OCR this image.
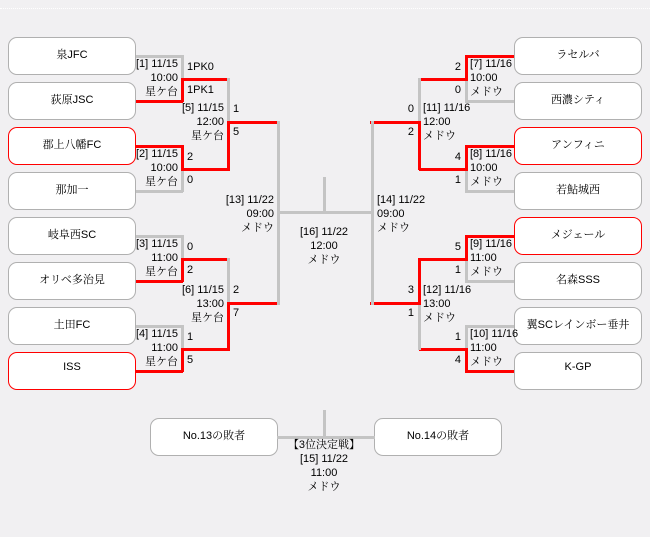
泉JFC
荻原JSC
郡上八幡FC
那加一
岐阜西SC
オリベ多治見
土田FC
ISS
ラセルバ
西濃シティ
アンフィニ
若鮎城西
メジェール
名森SSS
翼SCレインボー垂井
K-GP
No.13の敗者	No.14の敗者
[1] 11/15
10:00
星ケ台
[2] 11/15
10:00
星ケ台
[3] 11/15
11:00
星ケ台
[4] 11/15
11:00
星ケ台
[5] 11/15
12:00
星ケ台
[6] 11/15
13:00
星ケ台
[13] 11/22
09:00
メドウ	[16] 11/22
12:00
メドウ
[7] 11/16
10:00
メドウ
[8] 11/16
10:00
メドウ
[9] 11/16
11:00
メドウ
[10] 11/16
11:00
メドウ
[11] 11/16
12:00
メドウ
[12] 11/16
13:00
メドウ
[14] 11/22
09:00
メドウ
【3位決定戦】
[15] 11/22
11:00
メドウ
1PK0
1PK1
2
0
0
2
1
5
1
5
2
7
2
0
4
1
5
1
1
4
0
2
3
1
